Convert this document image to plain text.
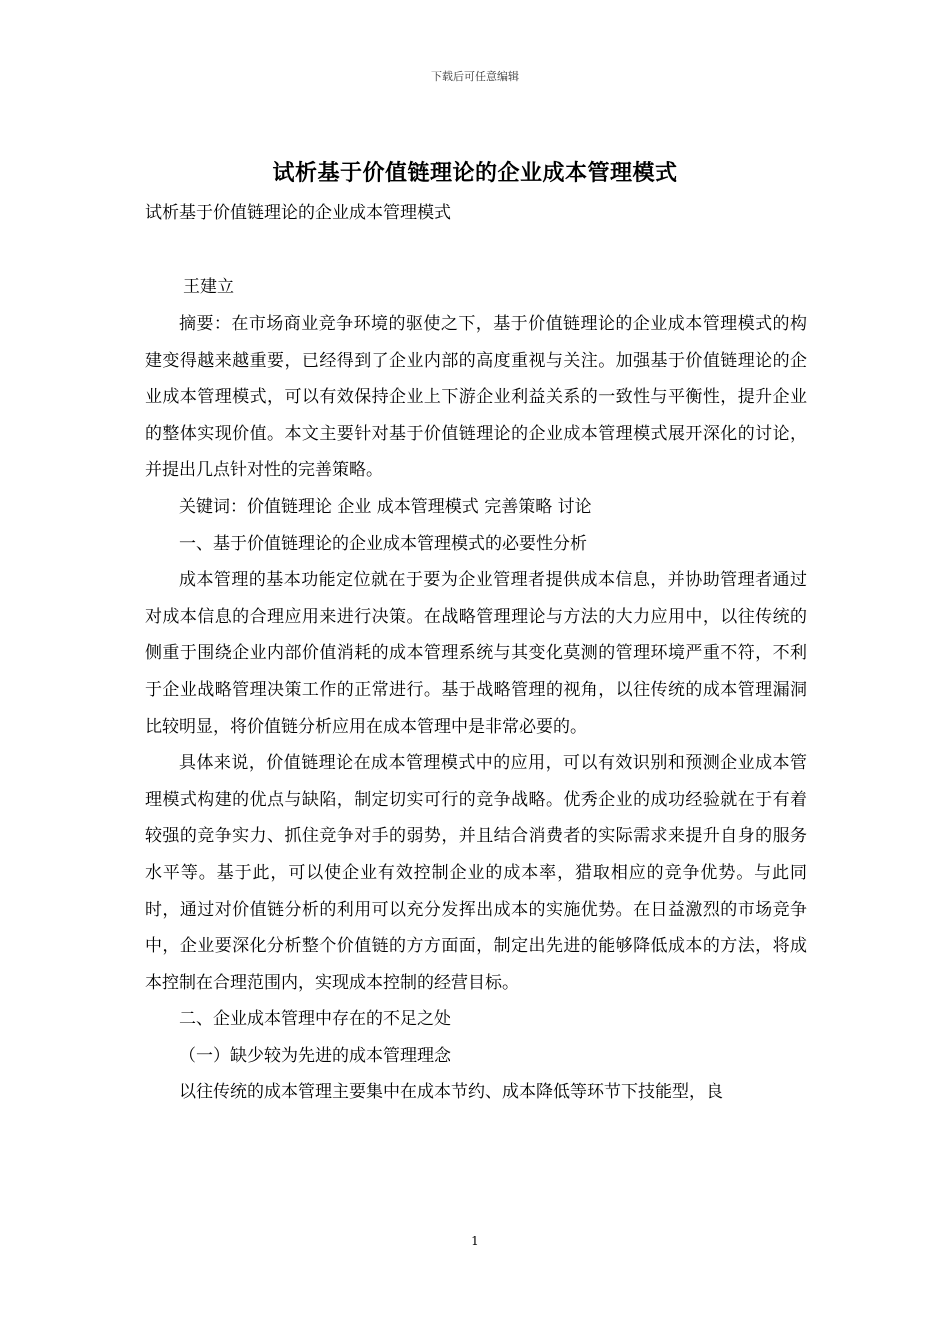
下载后可任意编辑
试析基于价值链理论的企业成本管理模式
试析基于价值链理论的企业成本管理模式
王建立

摘要：在市场商业竞争环境的驱使之下，基于价值链理论的企业成本管理模式的构建变得越来越重要，已经得到了企业内部的高度重视与关注。加强基于价值链理论的企业成本管理模式，可以有效保持企业上下游企业利益关系的一致性与平衡性，提升企业的整体实现价值。本文主要针对基于价值链理论的企业成本管理模式展开深化的讨论，并提出几点针对性的完善策略。

关键词：价值链理论 企业 成本管理模式 完善策略 讨论

一、基于价值链理论的企业成本管理模式的必要性分析

成本管理的基本功能定位就在于要为企业管理者提供成本信息，并协助管理者通过对成本信息的合理应用来进行决策。在战略管理理论与方法的大力应用中，以往传统的侧重于围绕企业内部价值消耗的成本管理系统与其变化莫测的管理环境严重不符，不利于企业战略管理决策工作的正常进行。基于战略管理的视角，以往传统的成本管理漏洞比较明显，将价值链分析应用在成本管理中是非常必要的。

具体来说，价值链理论在成本管理模式中的应用，可以有效识别和预测企业成本管理模式构建的优点与缺陷，制定切实可行的竞争战略。优秀企业的成功经验就在于有着较强的竞争实力、抓住竞争对手的弱势，并且结合消费者的实际需求来提升自身的服务水平等。基于此，可以使企业有效控制企业的成本率，猎取相应的竞争优势。与此同时，通过对价值链分析的利用可以充分发挥出成本的实施优势。在日益激烈的市场竞争中，企业要深化分析整个价值链的方方面面，制定出先进的能够降低成本的方法，将成本控制在合理范围内，实现成本控制的经营目标。

二、企业成本管理中存在的不足之处

（一）缺少较为先进的成本管理理念

以往传统的成本管理主要集中在成本节约、成本降低等环节下技能型，良

1
